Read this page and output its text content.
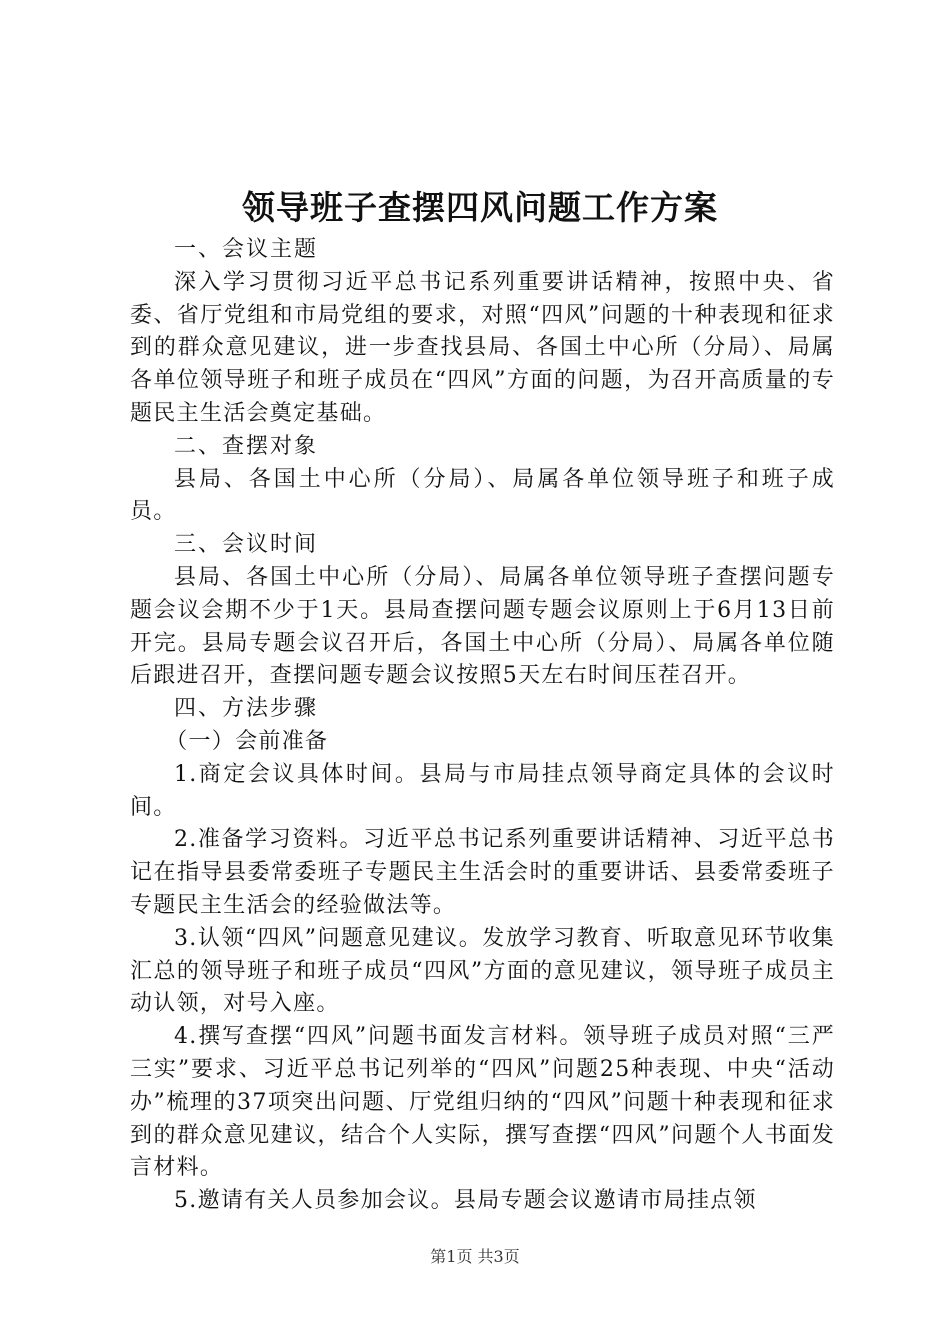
领导班子查摆四风问题工作方案

一、会议主题

深入学习贯彻习近平总书记系列重要讲话精神，按照中央、省委、省厅党组和市局党组的要求，对照“四风”问题的十种表现和征求到的群众意见建议，进一步查找县局、各国土中心所（分局）、局属各单位领导班子和班子成员在“四风”方面的问题，为召开高质量的专题民主生活会奠定基础。

二、查摆对象

县局、各国土中心所（分局）、局属各单位领导班子和班子成员。

三、会议时间

县局、各国土中心所（分局）、局属各单位领导班子查摆问题专题会议会期不少于1天。县局查摆问题专题会议原则上于6月13日前开完。县局专题会议召开后，各国土中心所（分局）、局属各单位随后跟进召开，查摆问题专题会议按照5天左右时间压茬召开。

四、方法步骤

（一）会前准备

1.商定会议具体时间。县局与市局挂点领导商定具体的会议时间。

2.准备学习资料。习近平总书记系列重要讲话精神、习近平总书记在指导县委常委班子专题民主生活会时的重要讲话、县委常委班子专题民主生活会的经验做法等。

3.认领“四风”问题意见建议。发放学习教育、听取意见环节收集汇总的领导班子和班子成员“四风”方面的意见建议，领导班子成员主动认领，对号入座。

4.撰写查摆“四风”问题书面发言材料。领导班子成员对照“三严三实”要求、习近平总书记列举的“四风”问题25种表现、中央“活动办”梳理的37项突出问题、厅党组归纳的“四风”问题十种表现和征求到的群众意见建议，结合个人实际，撰写查摆“四风”问题个人书面发言材料。

5.邀请有关人员参加会议。县局专题会议邀请市局挂点领

第1页 共3页
